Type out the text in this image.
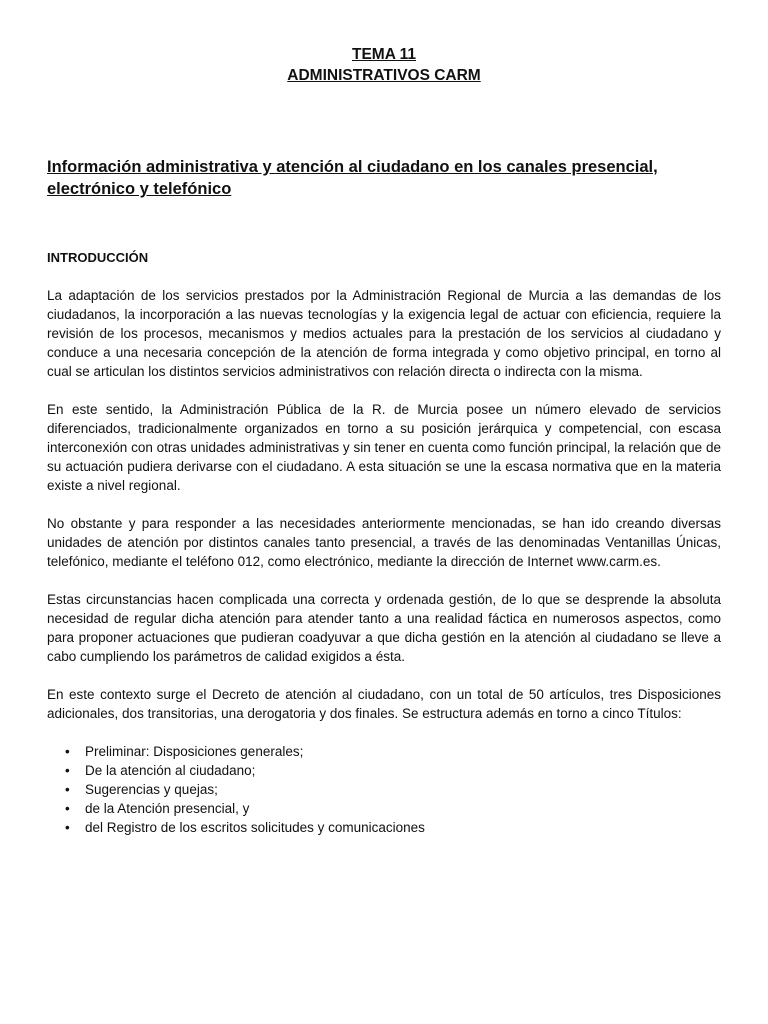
TEMA 11
ADMINISTRATIVOS CARM
Información administrativa y atención al ciudadano en los canales presencial, electrónico y telefónico
INTRODUCCIÓN

La adaptación de los servicios prestados por la Administración Regional de Murcia a las demandas de los ciudadanos, la incorporación a las nuevas tecnologías y la exigencia legal de actuar con eficiencia, requiere la revisión de los procesos, mecanismos y medios actuales para la prestación de los servicios al ciudadano y conduce a una necesaria concepción de la atención de forma integrada y como objetivo principal, en torno al cual se articulan los distintos servicios administrativos con relación directa o indirecta con la misma.

En este sentido, la Administración Pública de la R. de Murcia posee un número elevado de servicios diferenciados, tradicionalmente organizados en torno a su posición jerárquica y competencial, con escasa interconexión con otras unidades administrativas y sin tener en cuenta como función principal, la relación que de su actuación pudiera derivarse con el ciudadano. A esta situación se une la escasa normativa que en la materia existe a nivel regional.

No obstante y para responder a las necesidades anteriormente mencionadas, se han ido creando diversas unidades de atención por distintos canales tanto presencial, a través de las denominadas Ventanillas Únicas, telefónico, mediante el teléfono 012, como electrónico, mediante la dirección de Internet www.carm.es.

Estas circunstancias hacen complicada una correcta y ordenada gestión, de lo que se desprende la absoluta necesidad de regular dicha atención para atender tanto a una realidad fáctica en numerosos aspectos, como para proponer actuaciones que pudieran coadyuvar a que dicha gestión en la atención al ciudadano se lleve a cabo cumpliendo los parámetros de calidad exigidos a ésta.

En este contexto surge el Decreto de atención al ciudadano, con un total de 50 artículos, tres Disposiciones adicionales, dos transitorias, una derogatoria y dos finales. Se estructura además en torno a cinco Títulos:

• Preliminar: Disposiciones generales;
• De la atención al ciudadano;
• Sugerencias y quejas;
• de la Atención presencial, y
• del Registro de los escritos solicitudes y comunicaciones
